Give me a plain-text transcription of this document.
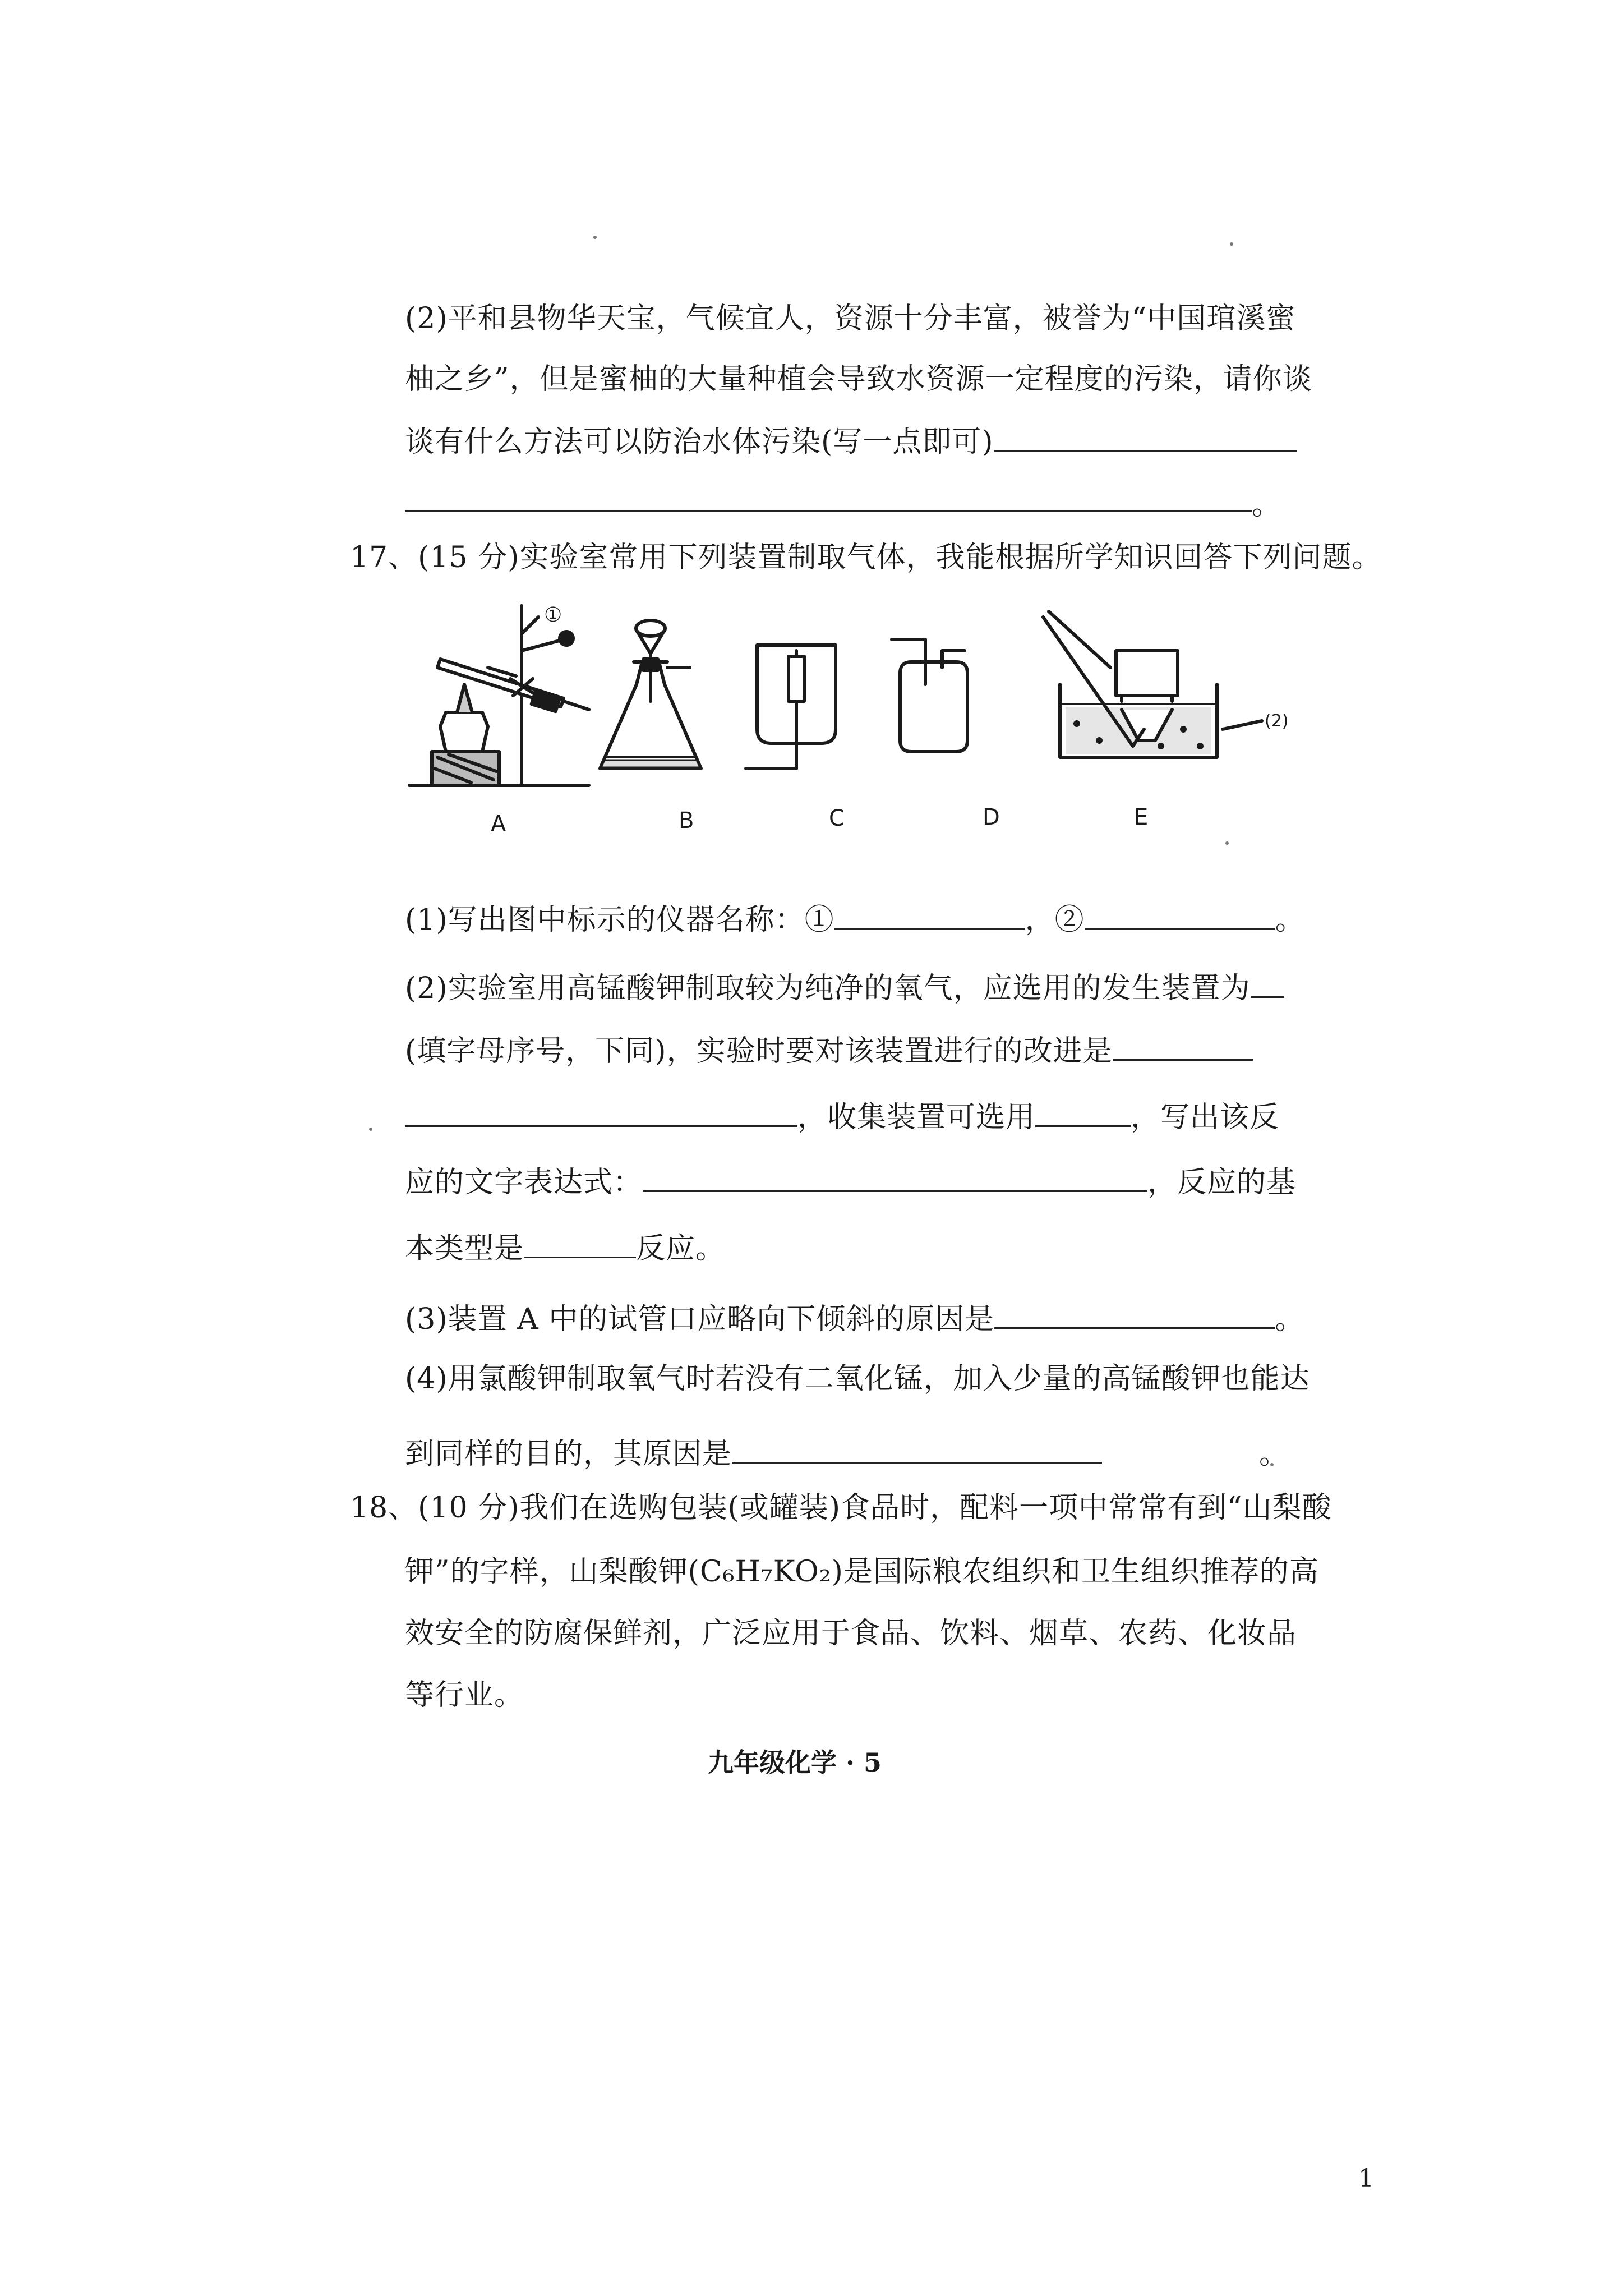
(2)平和县物华天宝，气候宜人，资源十分丰富，被誉为“中国琯溪蜜
柚之乡”，但是蜜柚的大量种植会导致水资源一定程度的污染，请你谈
谈有什么方法可以防治水体污染(写一点即可)
。
17、(15 分)实验室常用下列装置制取气体，我能根据所学知识回答下列问题。
①
(2)
A	B	C	D	E
(1)写出图中标示的仪器名称：①	，②	。
(2)实验室用高锰酸钾制取较为纯净的氧气，应选用的发生装置为
(填字母序号，下同)，实验时要对该装置进行的改进是
，收集装置可选用	，写出该反
应的文字表达式：	，反应的基
本类型是	反应。
(3)装置 A 中的试管口应略向下倾斜的原因是	。
(4)用氯酸钾制取氧气时若没有二氧化锰，加入少量的高锰酸钾也能达
到同样的目的，其原因是	。
18、(10 分)我们在选购包装(或罐装)食品时，配料一项中常常有到“山梨酸
钾”的字样，山梨酸钾(C₆H₇KO₂)是国际粮农组织和卫生组织推荐的高
效安全的防腐保鲜剂，广泛应用于食品、饮料、烟草、农药、化妆品
等行业。
九年级化学 · 5
1
